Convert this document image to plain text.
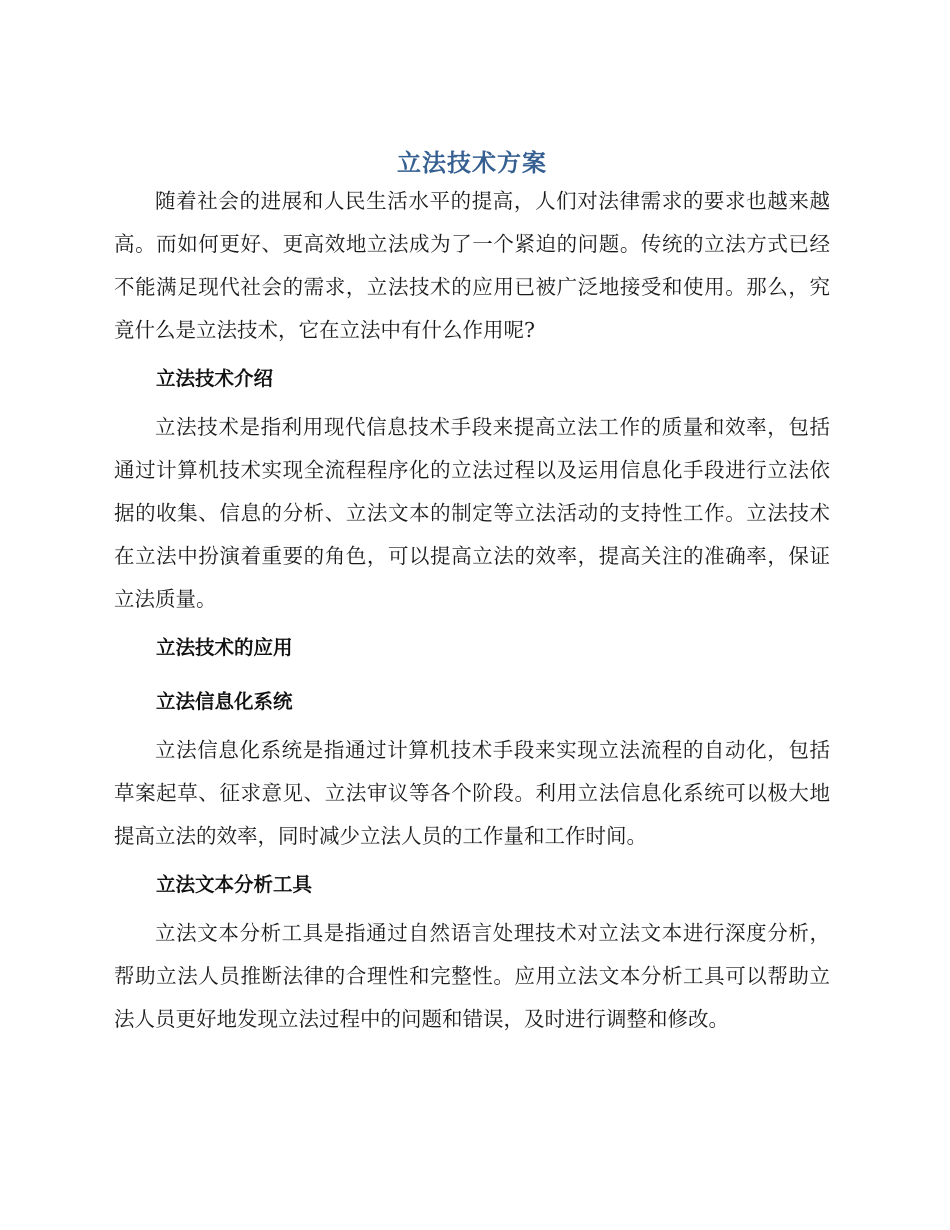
立法技术方案

随着社会的进展和人民生活水平的提高，人们对法律需求的要求也越来越高。而如何更好、更高效地立法成为了一个紧迫的问题。传统的立法方式已经不能满足现代社会的需求，立法技术的应用已被广泛地接受和使用。那么，究竟什么是立法技术，它在立法中有什么作用呢?

立法技术介绍

立法技术是指利用现代信息技术手段来提高立法工作的质量和效率，包括通过计算机技术实现全流程程序化的立法过程以及运用信息化手段进行立法依据的收集、信息的分析、立法文本的制定等立法活动的支持性工作。立法技术在立法中扮演着重要的角色，可以提高立法的效率，提高关注的准确率，保证立法质量。

立法技术的应用
立法信息化系统

立法信息化系统是指通过计算机技术手段来实现立法流程的自动化，包括草案起草、征求意见、立法审议等各个阶段。利用立法信息化系统可以极大地提高立法的效率，同时减少立法人员的工作量和工作时间。

立法文本分析工具

立法文本分析工具是指通过自然语言处理技术对立法文本进行深度分析，帮助立法人员推断法律的合理性和完整性。应用立法文本分析工具可以帮助立法人员更好地发现立法过程中的问题和错误，及时进行调整和修改。
